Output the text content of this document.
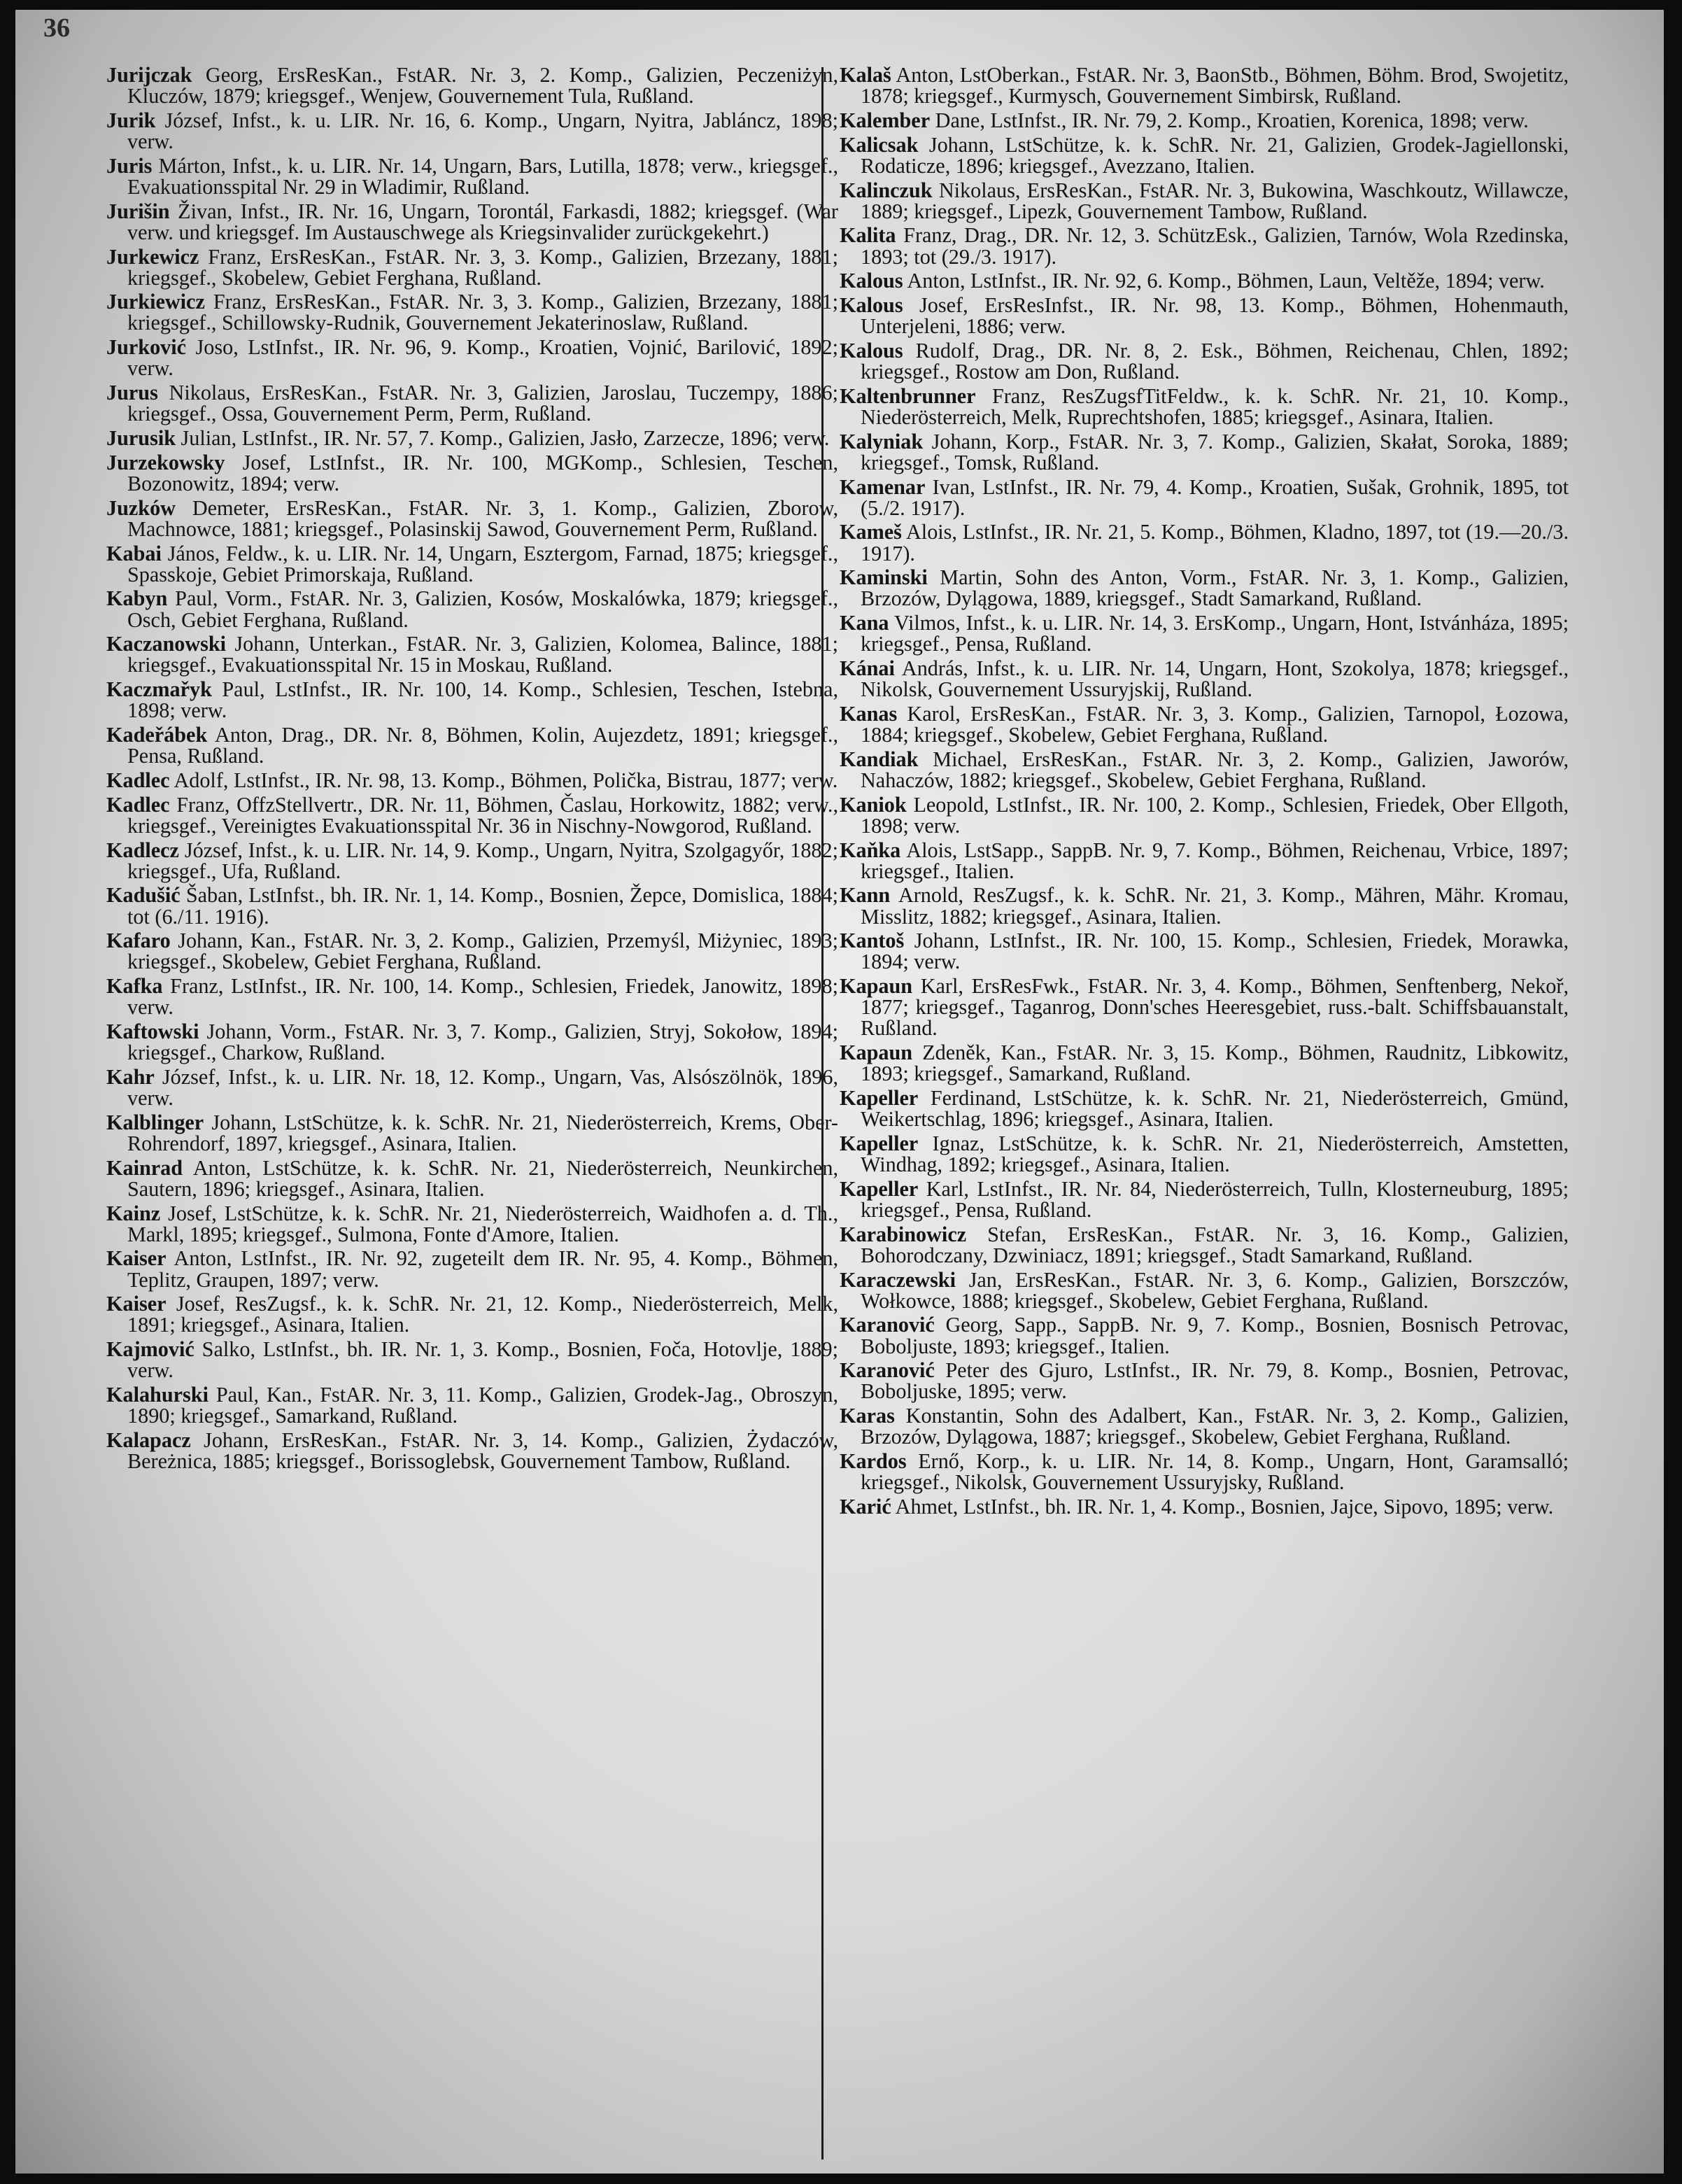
36

Jurijczak Georg, ErsResKan., FstAR. Nr. 3, 2. Komp., Galizien, Peczeniżyn, Kluczów, 1879; kriegsgef., Wenjew, Gouvernement Tula, Rußland.

Jurik József, Infst., k. u. LIR. Nr. 16, 6. Komp., Ungarn, Nyitra, Jabláncz, 1898; verw.

Juris Márton, Infst., k. u. LIR. Nr. 14, Ungarn, Bars, Lutilla, 1878; verw., kriegsgef., Evakuationsspital Nr. 29 in Wladimir, Rußland.

Jurišin Živan, Infst., IR. Nr. 16, Ungarn, Torontál, Farkasdi, 1882; kriegsgef. (War verw. und kriegsgef. Im Austauschwege als Kriegsinvalider zurückgekehrt.)

Jurkewicz Franz, ErsResKan., FstAR. Nr. 3, 3. Komp., Galizien, Brzezany, 1881; kriegsgef., Skobelew, Gebiet Ferghana, Rußland.

Jurkiewicz Franz, ErsResKan., FstAR. Nr. 3, 3. Komp., Galizien, Brzezany, 1881; kriegsgef., Schillowsky-Rudnik, Gouvernement Jekaterinoslaw, Rußland.

Jurković Joso, LstInfst., IR. Nr. 96, 9. Komp., Kroatien, Vojnić, Barilović, 1892; verw.

Jurus Nikolaus, ErsResKan., FstAR. Nr. 3, Galizien, Jaroslau, Tuczempy, 1886; kriegsgef., Ossa, Gouvernement Perm, Perm, Rußland.

Jurusik Julian, LstInfst., IR. Nr. 57, 7. Komp., Galizien, Jasło, Zarzecze, 1896; verw.

Jurzekowsky Josef, LstInfst., IR. Nr. 100, MGKomp., Schlesien, Teschen, Bozonowitz, 1894; verw.

Juzków Demeter, ErsResKan., FstAR. Nr. 3, 1. Komp., Galizien, Zborow, Machnowce, 1881; kriegsgef., Polasinskij Sawod, Gouvernement Perm, Rußland.

Kabai János, Feldw., k. u. LIR. Nr. 14, Ungarn, Esztergom, Farnad, 1875; kriegsgef., Spasskoje, Gebiet Primorskaja, Rußland.

Kabyn Paul, Vorm., FstAR. Nr. 3, Galizien, Kosów, Moskalówka, 1879; kriegsgef., Osch, Gebiet Ferghana, Rußland.

Kaczanowski Johann, Unterkan., FstAR. Nr. 3, Galizien, Kolomea, Balince, 1881; kriegsgef., Evakuationsspital Nr. 15 in Moskau, Rußland.

Kaczmařyk Paul, LstInfst., IR. Nr. 100, 14. Komp., Schlesien, Teschen, Istebna, 1898; verw.

Kadeřábek Anton, Drag., DR. Nr. 8, Böhmen, Kolin, Aujezdetz, 1891; kriegsgef., Pensa, Rußland.

Kadlec Adolf, LstInfst., IR. Nr. 98, 13. Komp., Böhmen, Polička, Bistrau, 1877; verw.

Kadlec Franz, OffzStellvertr., DR. Nr. 11, Böhmen, Časlau, Horkowitz, 1882; verw., kriegsgef., Vereinigtes Evakuationsspital Nr. 36 in Nischny-Nowgorod, Rußland.

Kadlecz József, Infst., k. u. LIR. Nr. 14, 9. Komp., Ungarn, Nyitra, Szolgagyőr, 1882; kriegsgef., Ufa, Rußland.

Kadušić Šaban, LstInfst., bh. IR. Nr. 1, 14. Komp., Bosnien, Žepce, Domislica, 1884; tot (6./11. 1916).

Kafaro Johann, Kan., FstAR. Nr. 3, 2. Komp., Galizien, Przemyśl, Miżyniec, 1893; kriegsgef., Skobelew, Gebiet Ferghana, Rußland.

Kafka Franz, LstInfst., IR. Nr. 100, 14. Komp., Schlesien, Friedek, Janowitz, 1898; verw.

Kaftowski Johann, Vorm., FstAR. Nr. 3, 7. Komp., Galizien, Stryj, Sokołow, 1894; kriegsgef., Charkow, Rußland.

Kahr József, Infst., k. u. LIR. Nr. 18, 12. Komp., Ungarn, Vas, Alsószölnök, 1896, verw.

Kalblinger Johann, LstSchütze, k. k. SchR. Nr. 21, Niederösterreich, Krems, Ober-Rohrendorf, 1897, kriegsgef., Asinara, Italien.

Kainrad Anton, LstSchütze, k. k. SchR. Nr. 21, Niederösterreich, Neunkirchen, Sautern, 1896; kriegsgef., Asinara, Italien.

Kainz Josef, LstSchütze, k. k. SchR. Nr. 21, Niederösterreich, Waidhofen a. d. Th., Markl, 1895; kriegsgef., Sulmona, Fonte d'Amore, Italien.

Kaiser Anton, LstInfst., IR. Nr. 92, zugeteilt dem IR. Nr. 95, 4. Komp., Böhmen, Teplitz, Graupen, 1897; verw.

Kaiser Josef, ResZugsf., k. k. SchR. Nr. 21, 12. Komp., Niederösterreich, Melk, 1891; kriegsgef., Asinara, Italien.

Kajmović Salko, LstInfst., bh. IR. Nr. 1, 3. Komp., Bosnien, Foča, Hotovlje, 1889; verw.

Kalahurski Paul, Kan., FstAR. Nr. 3, 11. Komp., Galizien, Grodek-Jag., Obroszyn, 1890; kriegsgef., Samarkand, Rußland.

Kalapacz Johann, ErsResKan., FstAR. Nr. 3, 14. Komp., Galizien, Żydaczów, Bereżnica, 1885; kriegsgef., Borissoglebsk, Gouvernement Tambow, Rußland.

Kalaš Anton, LstOberkan., FstAR. Nr. 3, BaonStb., Böhmen, Böhm. Brod, Swojetitz, 1878; kriegsgef., Kurmysch, Gouvernement Simbirsk, Rußland.

Kalember Dane, LstInfst., IR. Nr. 79, 2. Komp., Kroatien, Korenica, 1898; verw.

Kalicsak Johann, LstSchütze, k. k. SchR. Nr. 21, Galizien, Grodek-Jagiellonski, Rodaticze, 1896; kriegsgef., Avezzano, Italien.

Kalinczuk Nikolaus, ErsResKan., FstAR. Nr. 3, Bukowina, Waschkoutz, Willawcze, 1889; kriegsgef., Lipezk, Gouvernement Tambow, Rußland.

Kalita Franz, Drag., DR. Nr. 12, 3. SchützEsk., Galizien, Tarnów, Wola Rzedinska, 1893; tot (29./3. 1917).

Kalous Anton, LstInfst., IR. Nr. 92, 6. Komp., Böhmen, Laun, Veltěže, 1894; verw.

Kalous Josef, ErsResInfst., IR. Nr. 98, 13. Komp., Böhmen, Hohenmauth, Unterjeleni, 1886; verw.

Kalous Rudolf, Drag., DR. Nr. 8, 2. Esk., Böhmen, Reichenau, Chlen, 1892; kriegsgef., Rostow am Don, Rußland.

Kaltenbrunner Franz, ResZugsfTitFeldw., k. k. SchR. Nr. 21, 10. Komp., Niederösterreich, Melk, Ruprechtshofen, 1885; kriegsgef., Asinara, Italien.

Kalyniak Johann, Korp., FstAR. Nr. 3, 7. Komp., Galizien, Skałat, Soroka, 1889; kriegsgef., Tomsk, Rußland.

Kamenar Ivan, LstInfst., IR. Nr. 79, 4. Komp., Kroatien, Sušak, Grohnik, 1895, tot (5./2. 1917).

Kameš Alois, LstInfst., IR. Nr. 21, 5. Komp., Böhmen, Kladno, 1897, tot (19.—20./3. 1917).

Kaminski Martin, Sohn des Anton, Vorm., FstAR. Nr. 3, 1. Komp., Galizien, Brzozów, Dylągowa, 1889, kriegsgef., Stadt Samarkand, Rußland.

Kana Vilmos, Infst., k. u. LIR. Nr. 14, 3. ErsKomp., Ungarn, Hont, Istvánháza, 1895; kriegsgef., Pensa, Rußland.

Kánai András, Infst., k. u. LIR. Nr. 14, Ungarn, Hont, Szokolya, 1878; kriegsgef., Nikolsk, Gouvernement Ussuryjskij, Rußland.

Kanas Karol, ErsResKan., FstAR. Nr. 3, 3. Komp., Galizien, Tarnopol, Łozowa, 1884; kriegsgef., Skobelew, Gebiet Ferghana, Rußland.

Kandiak Michael, ErsResKan., FstAR. Nr. 3, 2. Komp., Galizien, Jaworów, Nahaczów, 1882; kriegsgef., Skobelew, Gebiet Ferghana, Rußland.

Kaniok Leopold, LstInfst., IR. Nr. 100, 2. Komp., Schlesien, Friedek, Ober Ellgoth, 1898; verw.

Kaňka Alois, LstSapp., SappB. Nr. 9, 7. Komp., Böhmen, Reichenau, Vrbice, 1897; kriegsgef., Italien.

Kann Arnold, ResZugsf., k. k. SchR. Nr. 21, 3. Komp., Mähren, Mähr. Kromau, Misslitz, 1882; kriegsgef., Asinara, Italien.

Kantoš Johann, LstInfst., IR. Nr. 100, 15. Komp., Schlesien, Friedek, Morawka, 1894; verw.

Kapaun Karl, ErsResFwk., FstAR. Nr. 3, 4. Komp., Böhmen, Senftenberg, Nekoř, 1877; kriegsgef., Taganrog, Donn'sches Heeresgebiet, russ.-balt. Schiffsbauanstalt, Rußland.

Kapaun Zdeněk, Kan., FstAR. Nr. 3, 15. Komp., Böhmen, Raudnitz, Libkowitz, 1893; kriegsgef., Samarkand, Rußland.

Kapeller Ferdinand, LstSchütze, k. k. SchR. Nr. 21, Niederösterreich, Gmünd, Weikertschlag, 1896; kriegsgef., Asinara, Italien.

Kapeller Ignaz, LstSchütze, k. k. SchR. Nr. 21, Niederösterreich, Amstetten, Windhag, 1892; kriegsgef., Asinara, Italien.

Kapeller Karl, LstInfst., IR. Nr. 84, Niederösterreich, Tulln, Klosterneuburg, 1895; kriegsgef., Pensa, Rußland.

Karabinowicz Stefan, ErsResKan., FstAR. Nr. 3, 16. Komp., Galizien, Bohorodczany, Dzwiniacz, 1891; kriegsgef., Stadt Samarkand, Rußland.

Karaczewski Jan, ErsResKan., FstAR. Nr. 3, 6. Komp., Galizien, Borszczów, Wołkowce, 1888; kriegsgef., Skobelew, Gebiet Ferghana, Rußland.

Karanović Georg, Sapp., SappB. Nr. 9, 7. Komp., Bosnien, Bosnisch Petrovac, Boboljuste, 1893; kriegsgef., Italien.

Karanović Peter des Gjuro, LstInfst., IR. Nr. 79, 8. Komp., Bosnien, Petrovac, Boboljuske, 1895; verw.

Karas Konstantin, Sohn des Adalbert, Kan., FstAR. Nr. 3, 2. Komp., Galizien, Brzozów, Dylągowa, 1887; kriegsgef., Skobelew, Gebiet Ferghana, Rußland.

Kardos Ernő, Korp., k. u. LIR. Nr. 14, 8. Komp., Ungarn, Hont, Garamsalló; kriegsgef., Nikolsk, Gouvernement Ussuryjsky, Rußland.

Karić Ahmet, LstInfst., bh. IR. Nr. 1, 4. Komp., Bosnien, Jajce, Sipovo, 1895; verw.
